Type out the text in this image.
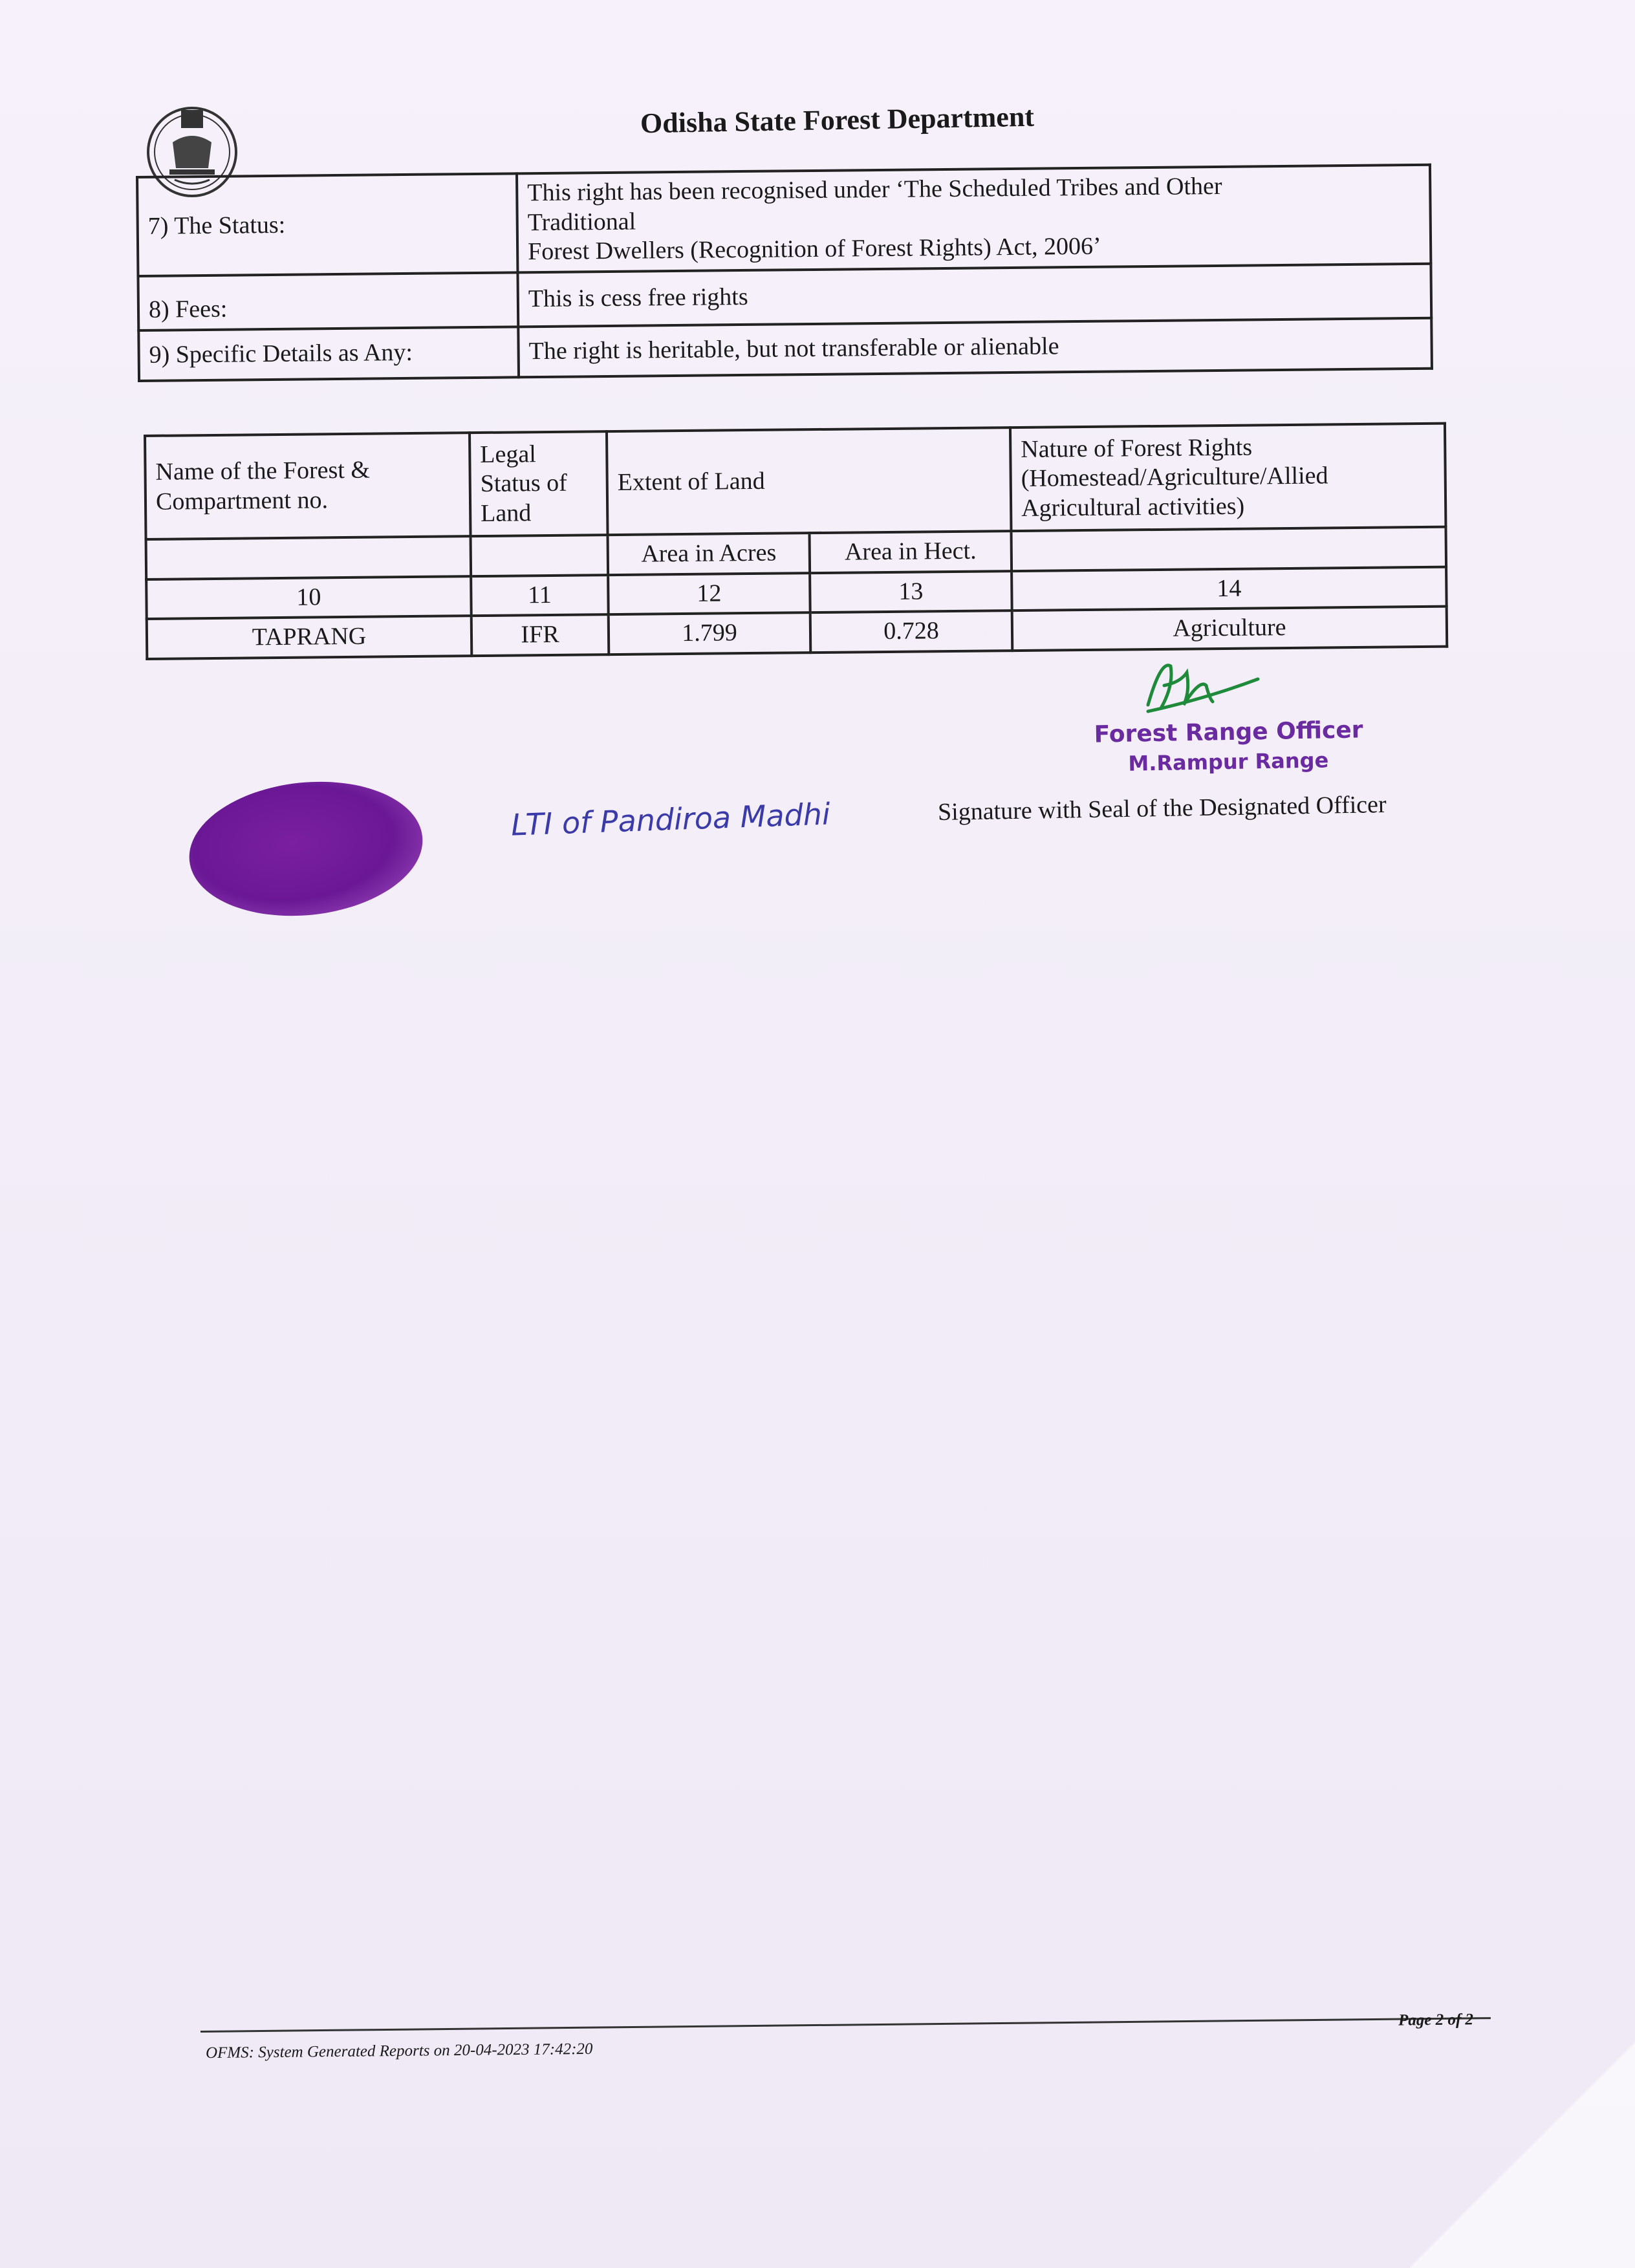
Odisha State Forest Department
7) The Status:	This right has been recognised under ‘The Scheduled Tribes and Other
Traditional
Forest Dwellers (Recognition of Forest Rights) Act, 2006’

8) Fees:	This is cess free rights
9) Specific Details as Any:	The right is heritable, but not transferable or alienable
Name of the Forest & Compartment no.	Legal Status of Land	Extent of Land		Nature of Forest Rights (Homestead/Agriculture/Allied Agricultural activities)
		Area in Acres	Area in Hect.	
10	11	12	13	14
TAPRANG	IFR	1.799	0.728	Agriculture
Forest Range Officer
M.Rampur Range
LTI of Pandiroa Madhi	Signature with Seal of the Designated Officer
OFMS: System Generated Reports on 20-04-2023 17:42:20
Page 2 of 2
